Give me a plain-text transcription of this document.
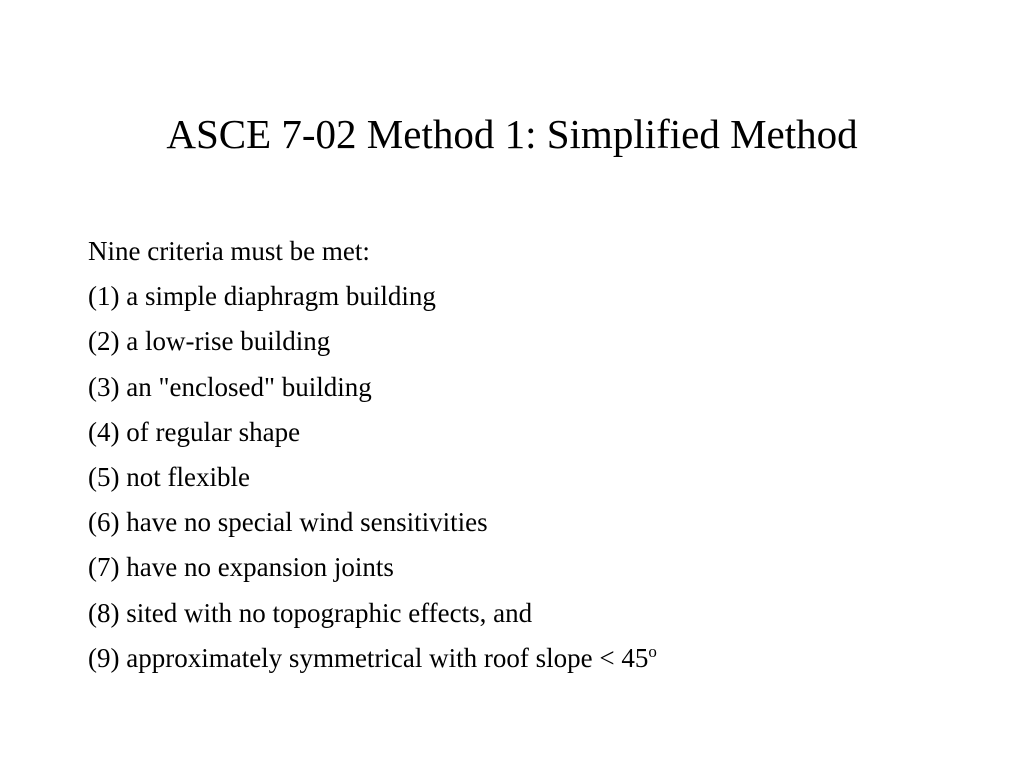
ASCE 7-02 Method 1: Simplified Method
Nine criteria must be met:
(1) a simple diaphragm building
(2) a low-rise building
(3) an "enclosed" building
(4) of regular shape
(5) not flexible
(6) have no special wind sensitivities
(7) have no expansion joints
(8) sited with no topographic effects, and
(9) approximately symmetrical with roof slope < $45^o$
